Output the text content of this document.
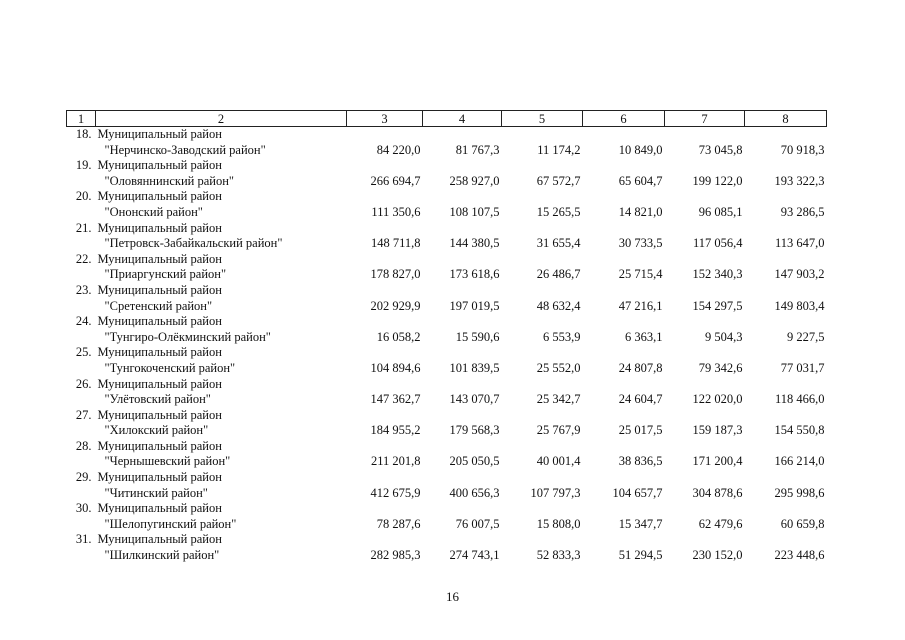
1	2	3	4	5	6	7	8

18.	Муниципальный район
"Нерчинско-Заводский район"	84 220,0	81 767,3	11 174,2	10 849,0	73 045,8	70 918,3

19.	Муниципальный район
"Оловяннинский район"	266 694,7	258 927,0	67 572,7	65 604,7	199 122,0	193 322,3

20.	Муниципальный район
"Ононский район"	111 350,6	108 107,5	15 265,5	14 821,0	96 085,1	93 286,5

21.	Муниципальный район
"Петровск-Забайкальский район"	148 711,8	144 380,5	31 655,4	30 733,5	117 056,4	113 647,0

22.	Муниципальный район
"Приаргунский район"	178 827,0	173 618,6	26 486,7	25 715,4	152 340,3	147 903,2

23.	Муниципальный район
"Сретенский район"	202 929,9	197 019,5	48 632,4	47 216,1	154 297,5	149 803,4

24.	Муниципальный район
"Тунгиро-Олёкминский район"	16 058,2	15 590,6	6 553,9	6 363,1	9 504,3	9 227,5

25.	Муниципальный район
"Тунгокоченский район"	104 894,6	101 839,5	25 552,0	24 807,8	79 342,6	77 031,7

26.	Муниципальный район
"Улётовский район"	147 362,7	143 070,7	25 342,7	24 604,7	122 020,0	118 466,0

27.	Муниципальный район
"Хилокский район"	184 955,2	179 568,3	25 767,9	25 017,5	159 187,3	154 550,8

28.	Муниципальный район
"Чернышевский район"	211 201,8	205 050,5	40 001,4	38 836,5	171 200,4	166 214,0

29.	Муниципальный район
"Читинский район"	412 675,9	400 656,3	107 797,3	104 657,7	304 878,6	295 998,6

30.	Муниципальный район
"Шелопугинский район"	78 287,6	76 007,5	15 808,0	15 347,7	62 479,6	60 659,8

31.	Муниципальный район
"Шилкинский район"	282 985,3	274 743,1	52 833,3	51 294,5	230 152,0	223 448,6
16
